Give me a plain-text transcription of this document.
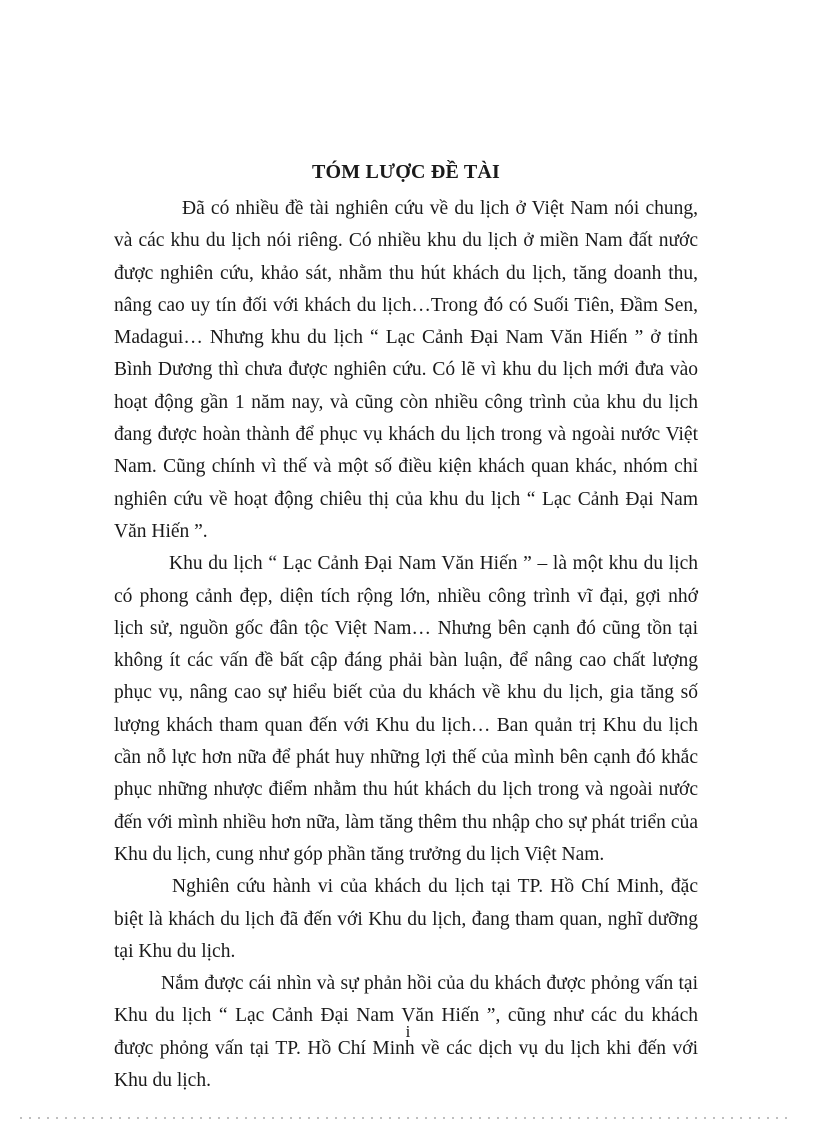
TÓM LƯỢC ĐỀ TÀI

Đã có nhiều đề tài nghiên cứu về du lịch ở Việt Nam nói chung, và các khu du lịch nói riêng. Có nhiều khu du lịch ở miền Nam đất nước được nghiên cứu, khảo sát, nhằm thu hút khách du lịch, tăng doanh thu, nâng cao uy tín đối với khách du lịch…Trong đó có Suối Tiên, Đầm Sen, Madagui… Nhưng khu du lịch “ Lạc Cảnh Đại Nam Văn Hiến ” ở tỉnh Bình Dương thì chưa được nghiên cứu. Có lẽ vì khu du lịch mới đưa vào hoạt động gần 1 năm nay, và cũng còn nhiều công trình của khu du lịch đang được hoàn thành để phục vụ khách du lịch trong và ngoài nước Việt Nam. Cũng chính vì thế và một số điều kiện khách quan khác, nhóm chỉ nghiên cứu về hoạt động chiêu thị của khu du lịch “ Lạc Cảnh Đại Nam Văn Hiến ”.

Khu du lịch “ Lạc Cảnh Đại Nam Văn Hiến ” – là một khu du lịch có phong cảnh đẹp, diện tích rộng lớn, nhiều công trình vĩ đại, gợi nhớ lịch sử, nguồn gốc đân tộc Việt Nam… Nhưng bên cạnh đó cũng tồn tại không ít các vấn đề bất cập đáng phải bàn luận, để nâng cao chất lượng phục vụ, nâng cao sự hiểu biết của du khách về khu du lịch, gia tăng số lượng khách tham quan đến với Khu du lịch… Ban quản trị Khu du lịch cần nỗ lực hơn nữa để phát huy những lợi thế của mình bên cạnh đó khắc phục những nhược điểm nhằm thu hút khách du lịch trong và ngoài nước đến với mình nhiều hơn nữa, làm tăng thêm thu nhập cho sự phát triển của Khu du lịch, cung như góp phần tăng trưởng du lịch Việt Nam.

Nghiên cứu hành vi của khách du lịch tại TP. Hồ Chí Minh, đặc biệt là khách du lịch đã đến với Khu du lịch, đang tham quan, nghĩ dưỡng tại Khu du lịch.

Nắm được cái nhìn và sự phản hồi của du khách được phỏng vấn tại Khu du lịch “ Lạc Cảnh Đại Nam Văn Hiến ”, cũng như các du khách được phỏng vấn tại TP. Hồ Chí Minh về các dịch vụ du lịch khi đến với Khu du lịch.

i
